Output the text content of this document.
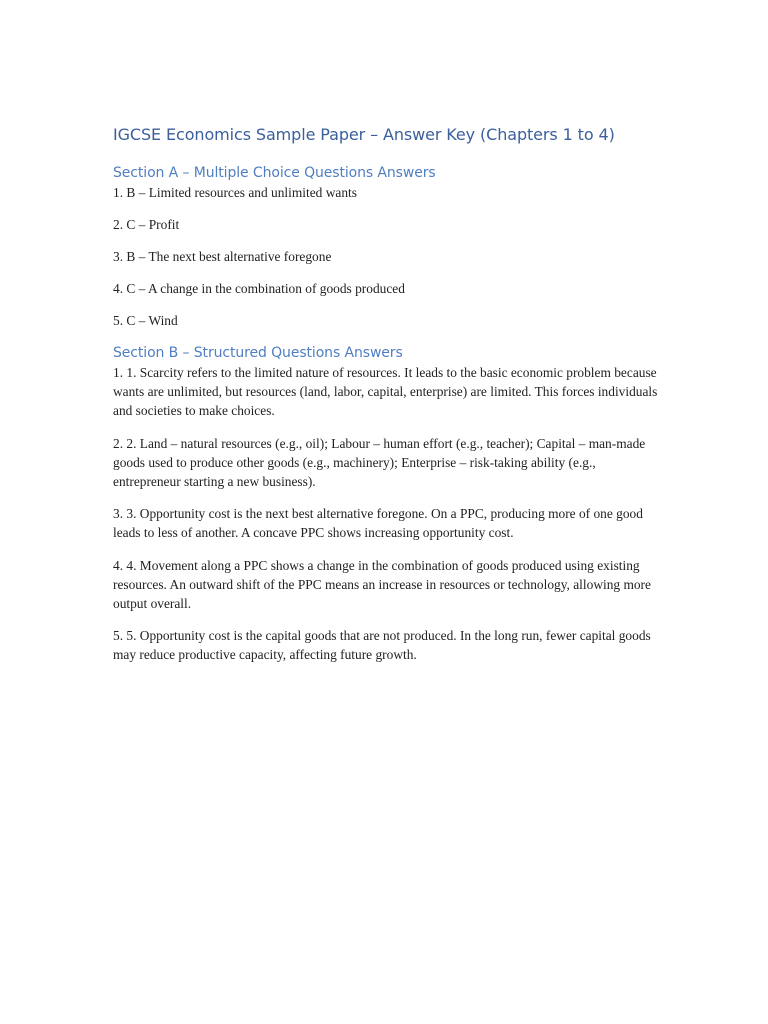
IGCSE Economics Sample Paper – Answer Key (Chapters 1 to 4)
Section A – Multiple Choice Questions Answers
1. B – Limited resources and unlimited wants
2. C – Profit
3. B – The next best alternative foregone
4. C – A change in the combination of goods produced
5. C – Wind
Section B – Structured Questions Answers
1. 1. Scarcity refers to the limited nature of resources. It leads to the basic economic problem because wants are unlimited, but resources (land, labor, capital, enterprise) are limited. This forces individuals and societies to make choices.
2. 2. Land – natural resources (e.g., oil); Labour – human effort (e.g., teacher); Capital – man-made goods used to produce other goods (e.g., machinery); Enterprise – risk-taking ability (e.g., entrepreneur starting a new business).
3. 3. Opportunity cost is the next best alternative foregone. On a PPC, producing more of one good leads to less of another. A concave PPC shows increasing opportunity cost.
4. 4. Movement along a PPC shows a change in the combination of goods produced using existing resources. An outward shift of the PPC means an increase in resources or technology, allowing more output overall.
5. 5. Opportunity cost is the capital goods that are not produced. In the long run, fewer capital goods may reduce productive capacity, affecting future growth.
